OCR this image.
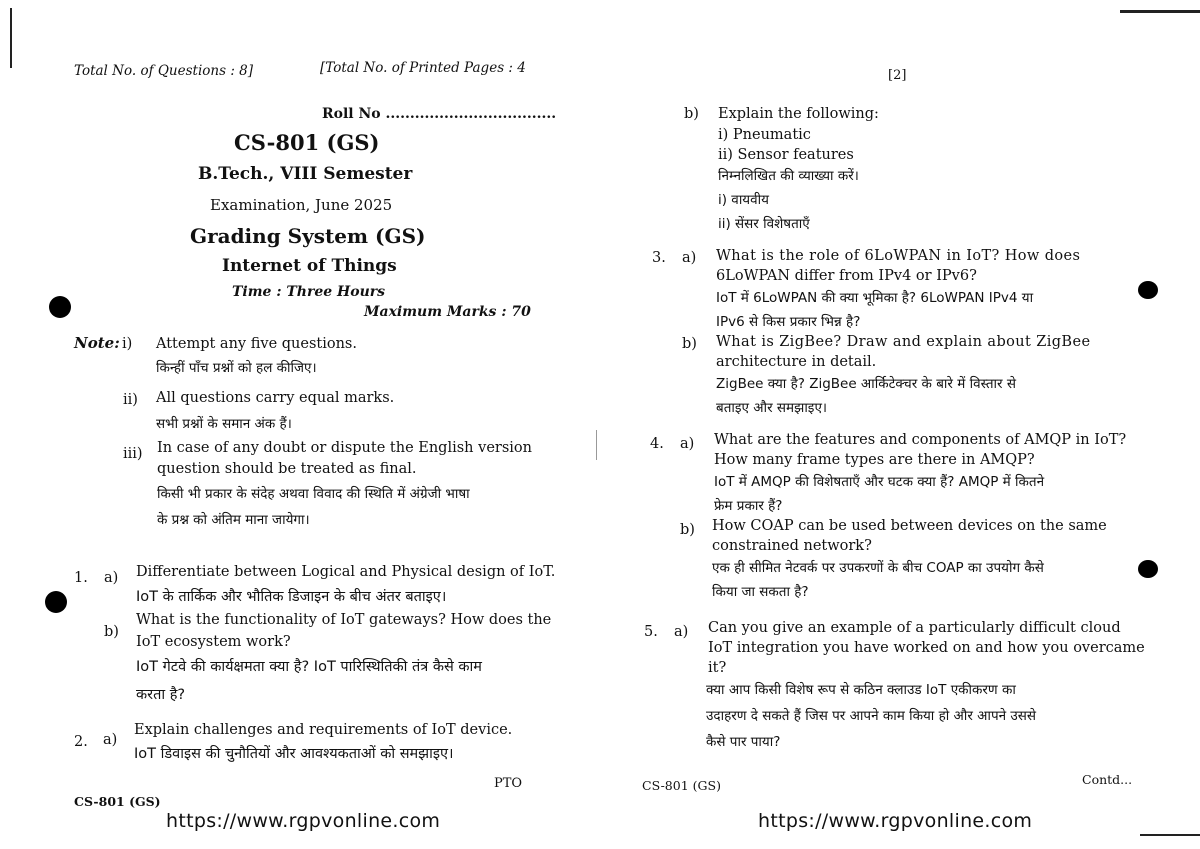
Total No. of Questions : 8]	[Total No. of Printed Pages : 4
Roll No ...................................
CS-801 (GS)
B.Tech., VIII Semester
Examination, June 2025
Grading System (GS)
Internet of Things
Time : Three Hours
Maximum Marks : 70
Note: i) Attempt any five questions.
किन्हीं पाँच प्रश्नों को हल कीजिए।
ii) All questions carry equal marks.
सभी प्रश्नों के समान अंक हैं।
iii) In case of any doubt or dispute the English version
question should be treated as final.
किसी भी प्रकार के संदेह अथवा विवाद की स्थिति में अंग्रेजी भाषा
के प्रश्न को अंतिम माना जायेगा।
1. a) Differentiate between Logical and Physical design of IoT.
IoT के तार्किक और भौतिक डिजाइन के बीच अंतर बताइए।
b)
What is the functionality of IoT gateways? How does the
IoT ecosystem work?
IoT गेटवे की कार्यक्षमता क्या है? IoT पारिस्थितिकी तंत्र कैसे काम
करता है?
2. a)
Explain challenges and requirements of IoT device.
IoT डिवाइस की चुनौतियों और आवश्यकताओं को समझाइए।
PTO
CS-801 (GS)
https://www.rgpvonline.com
[2]
b) Explain the following:
i) Pneumatic
ii) Sensor features
निम्नलिखित की व्याख्या करें।
i) वायवीय
ii) सेंसर विशेषताएँ
3. a) What is the role of 6LoWPAN in IoT? How does
6LoWPAN differ from IPv4 or IPv6?
IoT में 6LoWPAN की क्या भूमिका है? 6LoWPAN IPv4 या
IPv6 से किस प्रकार भिन्न है?
b) What is ZigBee? Draw and explain about ZigBee
architecture in detail.
ZigBee क्या है? ZigBee आर्किटेक्चर के बारे में विस्तार से
बताइए और समझाइए।
4. a) What are the features and components of AMQP in IoT?
How many frame types are there in AMQP?
IoT में AMQP की विशेषताएँ और घटक क्या हैं? AMQP में कितने
फ्रेम प्रकार हैं?
b) How COAP can be used between devices on the same
constrained network?
एक ही सीमित नेटवर्क पर उपकरणों के बीच COAP का उपयोग कैसे
किया जा सकता है?
5. a) Can you give an example of a particularly difficult cloud
IoT integration you have worked on and how you overcame
it?
क्या आप किसी विशेष रूप से कठिन क्लाउड IoT एकीकरण का
उदाहरण दे सकते हैं जिस पर आपने काम किया हो और आपने उससे
कैसे पार पाया?
CS-801 (GS)	Contd...
https://www.rgpvonline.com
